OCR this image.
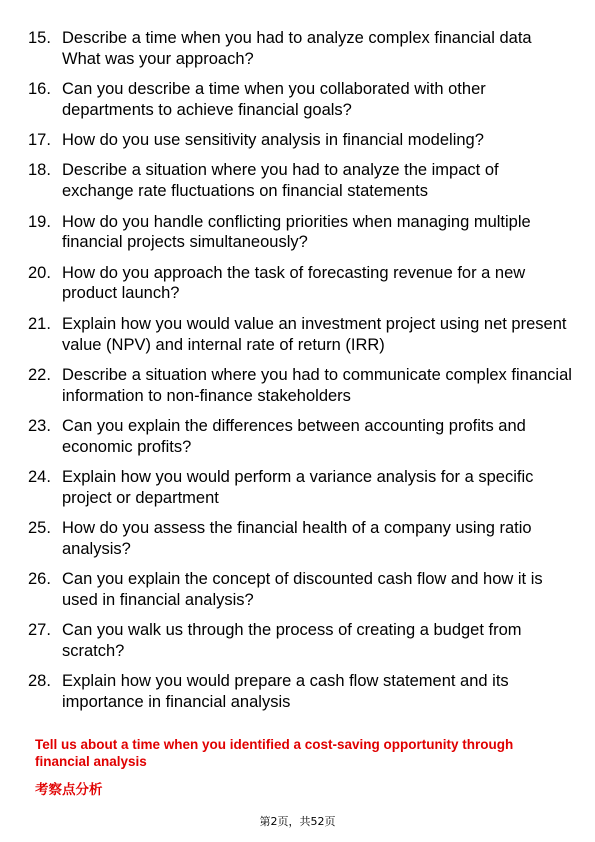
15. Describe a time when you had to analyze complex financial data What was your approach?
16. Can you describe a time when you collaborated with other departments to achieve financial goals?
17. How do you use sensitivity analysis in financial modeling?
18. Describe a situation where you had to analyze the impact of exchange rate fluctuations on financial statements
19. How do you handle conflicting priorities when managing multiple financial projects simultaneously?
20. How do you approach the task of forecasting revenue for a new product launch?
21. Explain how you would value an investment project using net present value (NPV) and internal rate of return (IRR)
22. Describe a situation where you had to communicate complex financial information to non-finance stakeholders
23. Can you explain the differences between accounting profits and economic profits?
24. Explain how you would perform a variance analysis for a specific project or department
25. How do you assess the financial health of a company using ratio analysis?
26. Can you explain the concept of discounted cash flow and how it is used in financial analysis?
27. Can you walk us through the process of creating a budget from scratch?
28. Explain how you would prepare a cash flow statement and its importance in financial analysis
Tell us about a time when you identified a cost-saving opportunity through financial analysis
考察点分析
第2页，共52页
